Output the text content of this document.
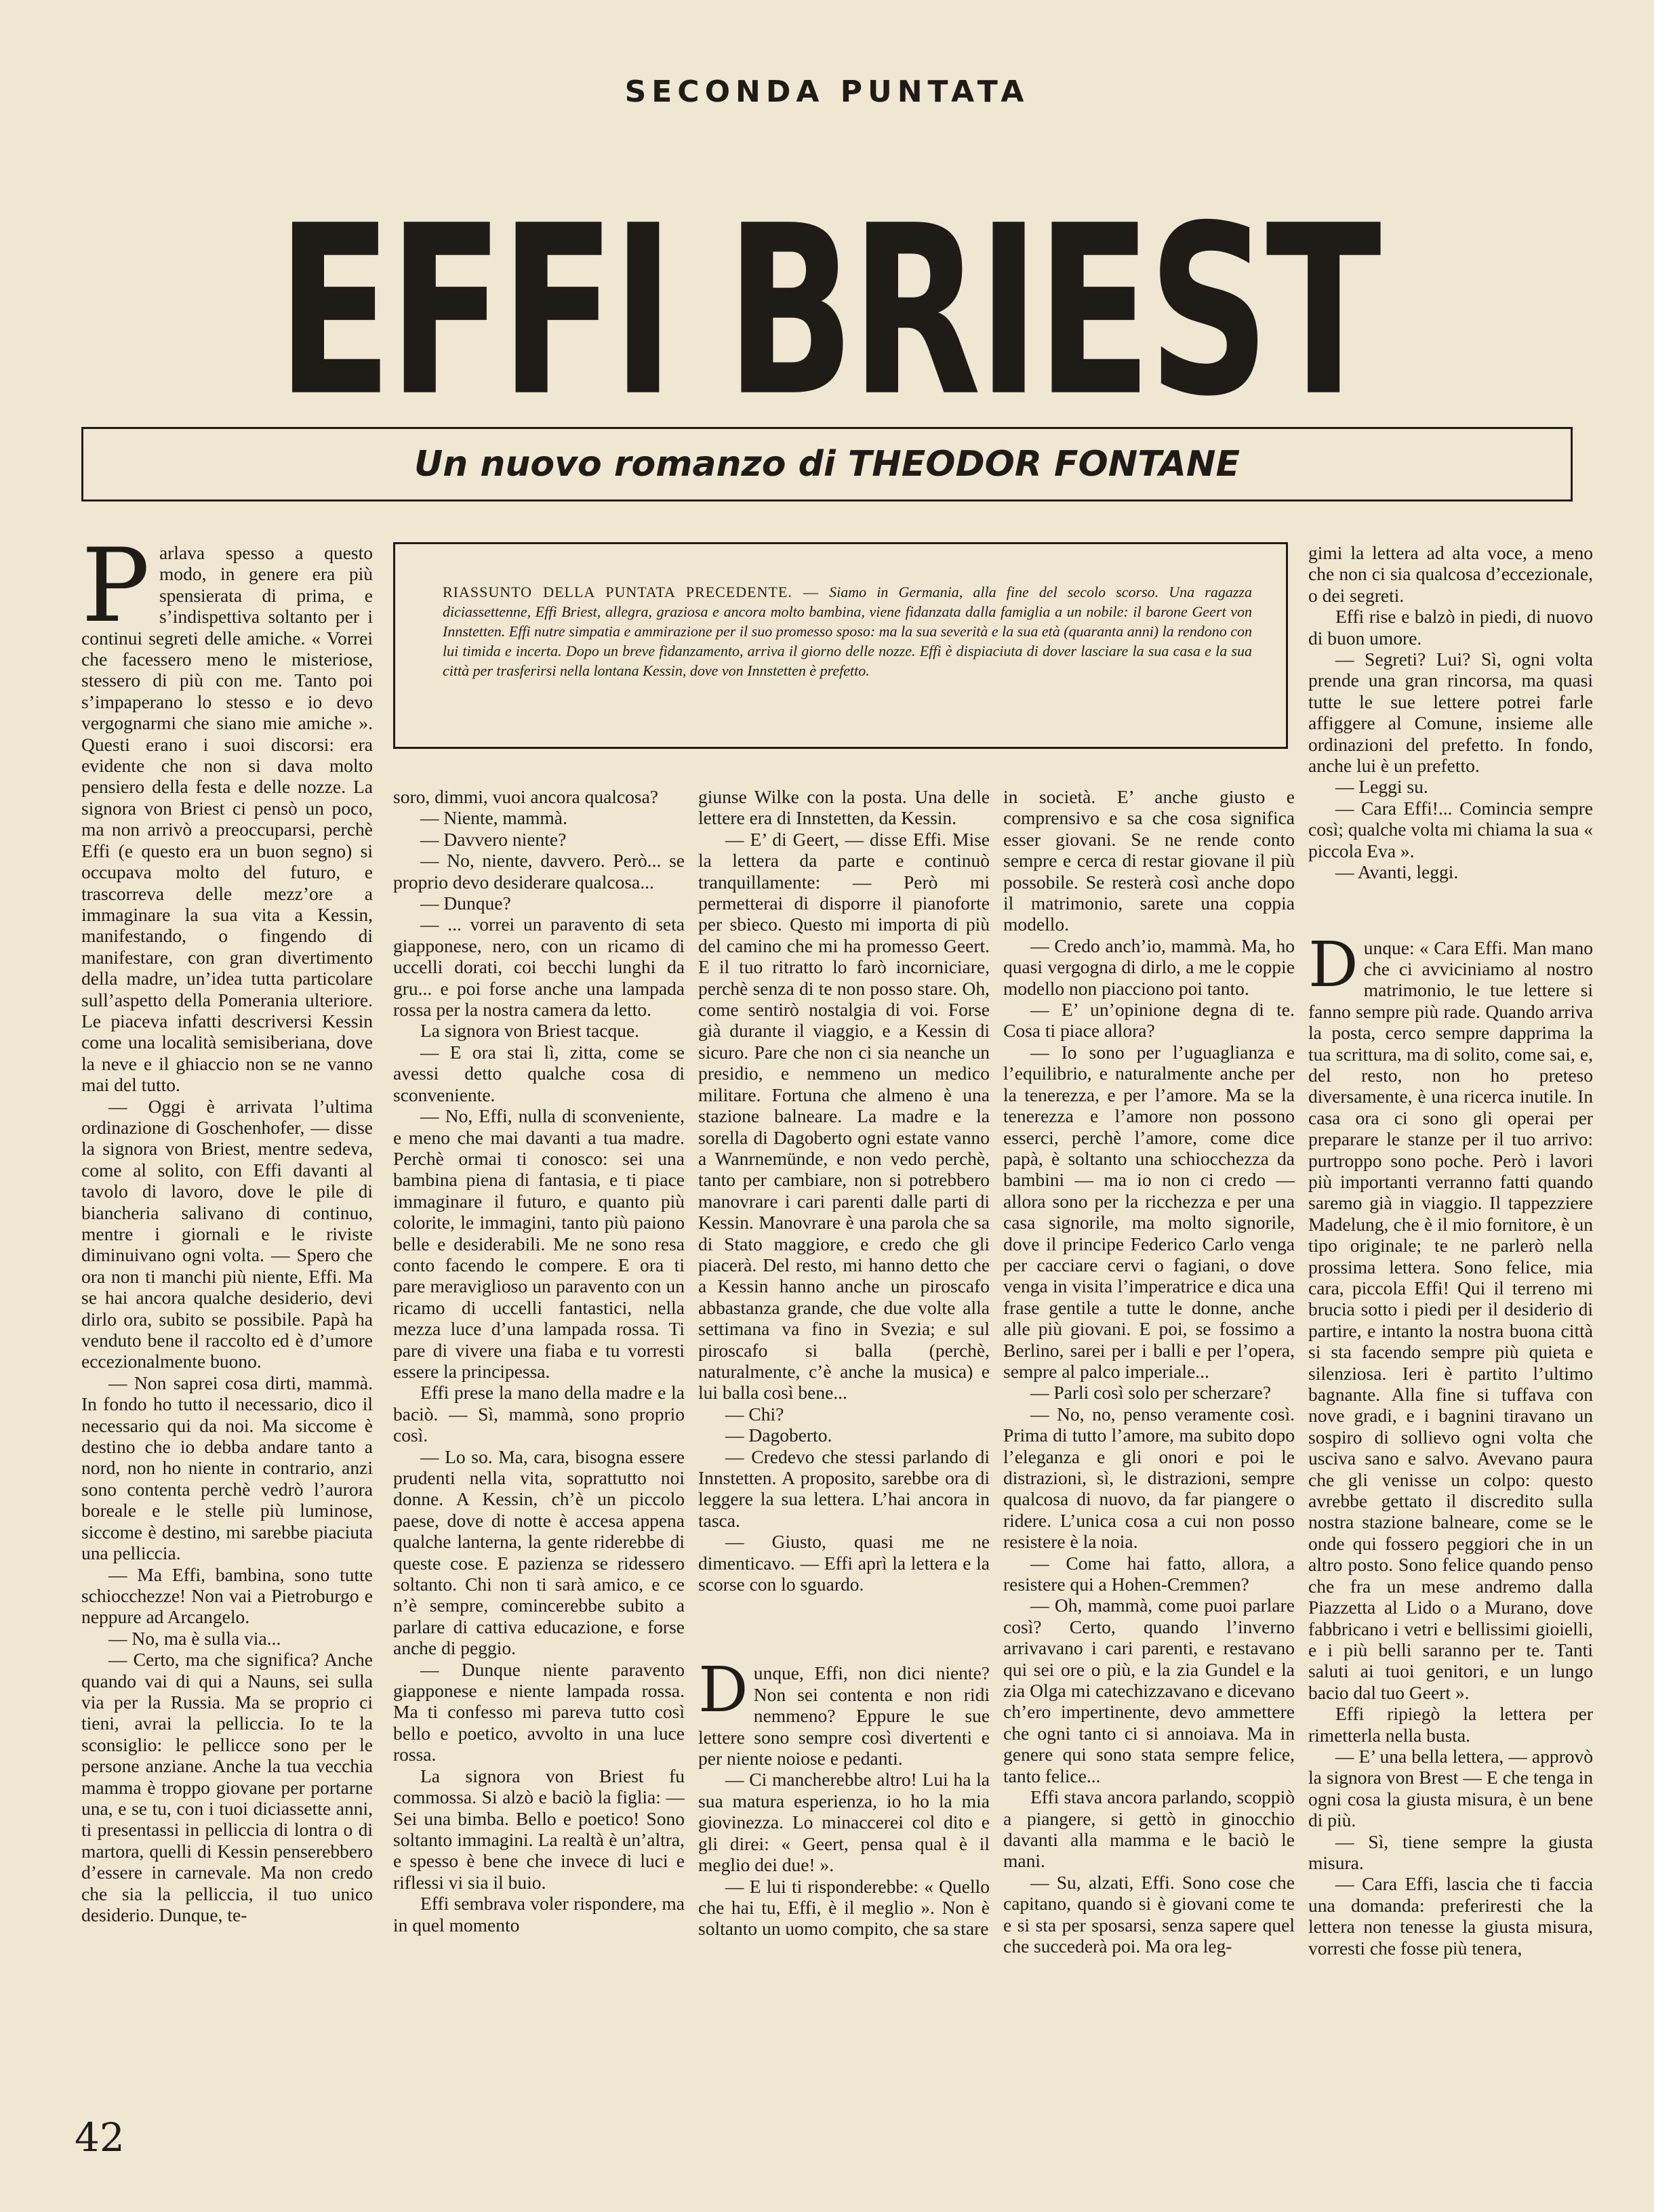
SECONDA PUNTATA
EFFI BRIEST
Un nuovo romanzo di THEODOR FONTANE
RIASSUNTO DELLA PUNTATA PRECEDENTE. — Siamo in Germania, alla fine del secolo scorso. Una ragazza diciassettenne, Effi Briest, allegra, graziosa e ancora molto bambina, viene fidanzata dalla famiglia a un nobile: il barone Geert von Innstetten. Effi nutre simpatia e ammirazione per il suo promesso sposo: ma la sua severità e la sua età (quaranta anni) la rendono con lui timida e incerta. Dopo un breve fidanzamento, arriva il giorno delle nozze. Effi è dispiaciuta di dover lasciare la sua casa e la sua città per trasferirsi nella lontana Kessin, dove von Innstetten è prefetto.
P arlava spesso a questo modo, in genere era più spensierata di prima, e s’indispettiva soltanto per i continui segreti delle amiche. « Vorrei che facessero meno le misteriose, stessero di più con me. Tanto poi s’impaperano lo stesso e io devo vergognarmi che siano mie amiche ». Questi erano i suoi discorsi: era evidente che non si dava molto pensiero della festa e delle nozze. La signora von Briest ci pensò un poco, ma non arrivò a preoccuparsi, perchè Effi (e questo era un buon segno) si occupava molto del futuro, e trascorreva delle mezz’ore a immaginare la sua vita a Kessin, manifestando, o fingendo di manifestare, con gran divertimento della madre, un’idea tutta particolare sull’aspetto della Pomerania ulteriore. Le piaceva infatti descriversi Kessin come una località semisiberiana, dove la neve e il ghiaccio non se ne vanno mai del tutto.

— Oggi è arrivata l’ultima ordinazione di Goschenhofer, — disse la signora von Briest, mentre sedeva, come al solito, con Effi davanti al tavolo di lavoro, dove le pile di biancheria salivano di continuo, mentre i giornali e le riviste diminuivano ogni volta. — Spero che ora non ti manchi più niente, Effi. Ma se hai ancora qualche desiderio, devi dirlo ora, subito se possibile. Papà ha venduto bene il raccolto ed è d’umore eccezionalmente buono.

— Non saprei cosa dirti, mammà. In fondo ho tutto il necessario, dico il necessario qui da noi. Ma siccome è destino che io debba andare tanto a nord, non ho niente in contrario, anzi sono contenta perchè vedrò l’aurora boreale e le stelle più luminose, siccome è destino, mi sarebbe piaciuta una pelliccia.

— Ma Effi, bambina, sono tutte schiocchezze! Non vai a Pietroburgo e neppure ad Arcangelo.

— No, ma è sulla via...

— Certo, ma che significa? Anche quando vai di qui a Nauns, sei sulla via per la Russia. Ma se proprio ci tieni, avrai la pelliccia. Io te la sconsiglio: le pellicce sono per le persone anziane. Anche la tua vecchia mamma è troppo giovane per portarne una, e se tu, con i tuoi diciassette anni, ti presentassi in pelliccia di lontra o di martora, quelli di Kessin penserebbero d’essere in carnevale. Ma non credo che sia la pelliccia, il tuo unico desiderio. Dunque, te-

soro, dimmi, vuoi ancora qualcosa?

— Niente, mammà.

— Davvero niente?

— No, niente, davvero. Però... se proprio devo desiderare qualcosa...

— Dunque?

— ... vorrei un paravento di seta giapponese, nero, con un ricamo di uccelli dorati, coi becchi lunghi da gru... e poi forse anche una lampada rossa per la nostra camera da letto.

La signora von Briest tacque.

— E ora stai lì, zitta, come se avessi detto qualche cosa di sconveniente.

— No, Effi, nulla di sconveniente, e meno che mai davanti a tua madre. Perchè ormai ti conosco: sei una bambina piena di fantasia, e ti piace immaginare il futuro, e quanto più colorite, le immagini, tanto più paiono belle e desiderabili. Me ne sono resa conto facendo le compere. E ora ti pare meraviglioso un paravento con un ricamo di uccelli fantastici, nella mezza luce d’una lampada rossa. Ti pare di vivere una fiaba e tu vorresti essere la principessa.

Effi prese la mano della madre e la baciò. — Sì, mammà, sono proprio così.

— Lo so. Ma, cara, bisogna essere prudenti nella vita, soprattutto noi donne. A Kessin, ch’è un piccolo paese, dove di notte è accesa appena qualche lanterna, la gente riderebbe di queste cose. E pazienza se ridessero soltanto. Chi non ti sarà amico, e ce n’è sempre, comincerebbe subito a parlare di cattiva educazione, e forse anche di peggio.

— Dunque niente paravento giapponese e niente lampada rossa. Ma ti confesso mi pareva tutto così bello e poetico, avvolto in una luce rossa.

La signora von Briest fu commossa. Si alzò e baciò la figlia: — Sei una bimba. Bello e poetico! Sono soltanto immagini. La realtà è un’altra, e spesso è bene che invece di luci e riflessi vi sia il buio.

Effi sembrava voler rispondere, ma in quel momento

giunse Wilke con la posta. Una delle lettere era di Innstetten, da Kessin.

— E’ di Geert, — disse Effi. Mise la lettera da parte e continuò tranquillamente: — Però mi permetterai di disporre il pianoforte per sbieco. Questo mi importa di più del camino che mi ha promesso Geert. E il tuo ritratto lo farò incorniciare, perchè senza di te non posso stare. Oh, come sentirò nostalgia di voi. Forse già durante il viaggio, e a Kessin di sicuro. Pare che non ci sia neanche un presidio, e nemmeno un medico militare. Fortuna che almeno è una stazione balneare. La madre e la sorella di Dagoberto ogni estate vanno a Wanrnemünde, e non vedo perchè, tanto per cambiare, non si potrebbero manovrare i cari parenti dalle parti di Kessin. Manovrare è una parola che sa di Stato maggiore, e credo che gli piacerà. Del resto, mi hanno detto che a Kessin hanno anche un piroscafo abbastanza grande, che due volte alla settimana va fino in Svezia; e sul piroscafo si balla (perchè, naturalmente, c’è anche la musica) e lui balla così bene...

— Chi?

— Dagoberto.

— Credevo che stessi parlando di Innstetten. A proposito, sarebbe ora di leggere la sua lettera. L’hai ancora in tasca.

— Giusto, quasi me ne dimenticavo. — Effi aprì la lettera e la scorse con lo sguardo.

D unque, Effi, non dici niente? Non sei contenta e non ridi nemmeno? Eppure le sue lettere sono sempre così divertenti e per niente noiose e pedanti.

— Ci mancherebbe altro! Lui ha la sua matura esperienza, io ho la mia giovinezza. Lo minaccerei col dito e gli direi: « Geert, pensa qual è il meglio dei due! ».

— E lui ti risponderebbe: « Quello che hai tu, Effi, è il meglio ». Non è soltanto un uomo compito, che sa stare

in società. E’ anche giusto e comprensivo e sa che cosa significa esser giovani. Se ne rende conto sempre e cerca di restar giovane il più possobile. Se resterà così anche dopo il matrimonio, sarete una coppia modello.

— Credo anch’io, mammà. Ma, ho quasi vergogna di dirlo, a me le coppie modello non piacciono poi tanto.

— E’ un’opinione degna di te. Cosa ti piace allora?

— Io sono per l’uguaglianza e l’equilibrio, e naturalmente anche per la tenerezza, e per l’amore. Ma se la tenerezza e l’amore non possono esserci, perchè l’amore, come dice papà, è soltanto una schiocchezza da bambini — ma io non ci credo — allora sono per la ricchezza e per una casa signorile, ma molto signorile, dove il principe Federico Carlo venga per cacciare cervi o fagiani, o dove venga in visita l’imperatrice e dica una frase gentile a tutte le donne, anche alle più giovani. E poi, se fossimo a Berlino, sarei per i balli e per l’opera, sempre al palco imperiale...

— Parli così solo per scherzare?

— No, no, penso veramente così. Prima di tutto l’amore, ma subito dopo l’eleganza e gli onori e poi le distrazioni, sì, le distrazioni, sempre qualcosa di nuovo, da far piangere o ridere. L’unica cosa a cui non posso resistere è la noia.

— Come hai fatto, allora, a resistere qui a Hohen-Cremmen?

— Oh, mammà, come puoi parlare così? Certo, quando l’inverno arrivavano i cari parenti, e restavano qui sei ore o più, e la zia Gundel e la zia Olga mi catechizzavano e dicevano ch’ero impertinente, devo ammettere che ogni tanto ci si annoiava. Ma in genere qui sono stata sempre felice, tanto felice...

Effi stava ancora parlando, scoppiò a piangere, si gettò in ginocchio davanti alla mamma e le baciò le mani.

— Su, alzati, Effi. Sono cose che capitano, quando si è giovani come te e si sta per sposarsi, senza sapere quel che succederà poi. Ma ora leg-

gimi la lettera ad alta voce, a meno che non ci sia qualcosa d’eccezionale, o dei segreti.

Effi rise e balzò in piedi, di nuovo di buon umore.

— Segreti? Lui? Sì, ogni volta prende una gran rincorsa, ma quasi tutte le sue lettere potrei farle affiggere al Comune, insieme alle ordinazioni del prefetto. In fondo, anche lui è un prefetto.

— Leggi su.

— Cara Effi!... Comincia sempre così; qualche volta mi chiama la sua « piccola Eva ».

— Avanti, leggi.

D unque: « Cara Effi. Man mano che ci avviciniamo al nostro matrimonio, le tue lettere si fanno sempre più rade. Quando arriva la posta, cerco sempre dapprima la tua scrittura, ma di solito, come sai, e, del resto, non ho preteso diversamente, è una ricerca inutile. In casa ora ci sono gli operai per preparare le stanze per il tuo arrivo: purtroppo sono poche. Però i lavori più importanti verranno fatti quando saremo già in viaggio. Il tappezziere Madelung, che è il mio fornitore, è un tipo originale; te ne parlerò nella prossima lettera. Sono felice, mia cara, piccola Effi! Qui il terreno mi brucia sotto i piedi per il desiderio di partire, e intanto la nostra buona città si sta facendo sempre più quieta e silenziosa. Ieri è partito l’ultimo bagnante. Alla fine si tuffava con nove gradi, e i bagnini tiravano un sospiro di sollievo ogni volta che usciva sano e salvo. Avevano paura che gli venisse un colpo: questo avrebbe gettato il discredito sulla nostra stazione balneare, come se le onde qui fossero peggiori che in un altro posto. Sono felice quando penso che fra un mese andremo dalla Piazzetta al Lido o a Murano, dove fabbricano i vetri e bellissimi gioielli, e i più belli saranno per te. Tanti saluti ai tuoi genitori, e un lungo bacio dal tuo Geert ».

Effi ripiegò la lettera per rimetterla nella busta.

— E’ una bella lettera, — approvò la signora von Brest — E che tenga in ogni cosa la giusta misura, è un bene di più.

— Sì, tiene sempre la giusta misura.

— Cara Effi, lascia che ti faccia una domanda: preferiresti che la lettera non tenesse la giusta misura, vorresti che fosse più tenera,

42
